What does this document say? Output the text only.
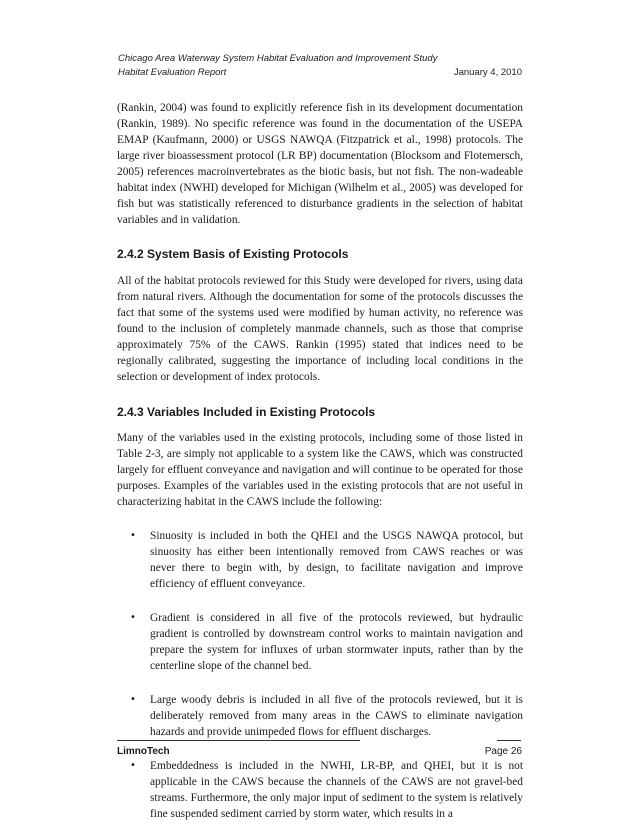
Chicago Area Waterway System Habitat Evaluation and Improvement Study
Habitat Evaluation Report	January 4, 2010

(Rankin, 2004) was found to explicitly reference fish in its development documentation (Rankin, 1989). No specific reference was found in the documentation of the USEPA EMAP (Kaufmann, 2000) or USGS NAWQA (Fitzpatrick et al., 1998) protocols. The large river bioassessment protocol (LR BP) documentation (Blocksom and Flotemersch, 2005) references macroinvertebrates as the biotic basis, but not fish. The non-wadeable habitat index (NWHI) developed for Michigan (Wilhelm et al., 2005) was developed for fish but was statistically referenced to disturbance gradients in the selection of habitat variables and in validation.

2.4.2 System Basis of Existing Protocols

All of the habitat protocols reviewed for this Study were developed for rivers, using data from natural rivers. Although the documentation for some of the protocols discusses the fact that some of the systems used were modified by human activity, no reference was found to the inclusion of completely manmade channels, such as those that comprise approximately 75% of the CAWS. Rankin (1995) stated that indices need to be regionally calibrated, suggesting the importance of including local conditions in the selection or development of index protocols.

2.4.3 Variables Included in Existing Protocols

Many of the variables used in the existing protocols, including some of those listed in Table 2-3, are simply not applicable to a system like the CAWS, which was constructed largely for effluent conveyance and navigation and will continue to be operated for those purposes. Examples of the variables used in the existing protocols that are not useful in characterizing habitat in the CAWS include the following:

• Sinuosity is included in both the QHEI and the USGS NAWQA protocol, but sinuosity has either been intentionally removed from CAWS reaches or was never there to begin with, by design, to facilitate navigation and improve efficiency of effluent conveyance.
• Gradient is considered in all five of the protocols reviewed, but hydraulic gradient is controlled by downstream control works to maintain navigation and prepare the system for influxes of urban stormwater inputs, rather than by the centerline slope of the channel bed.
• Large woody debris is included in all five of the protocols reviewed, but it is deliberately removed from many areas in the CAWS to eliminate navigation hazards and provide unimpeded flows for effluent discharges.
• Embeddedness is included in the NWHI, LR-BP, and QHEI, but it is not applicable in the CAWS because the channels of the CAWS are not gravel-bed streams. Furthermore, the only major input of sediment to the system is relatively fine suspended sediment carried by storm water, which results in a
LimnoTech	Page 26
